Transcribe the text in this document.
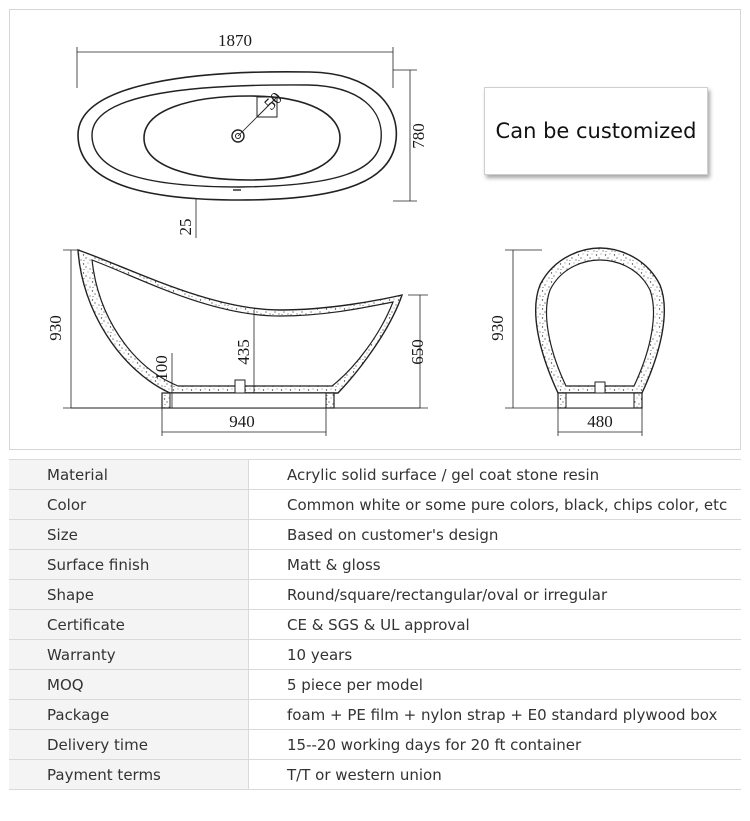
1870
780
50
25
930
100
435	650
940
930
480
Can be customized
Material	Acrylic solid surface / gel coat stone resin
Color	Common white or some pure colors, black, chips color, etc
Size	Based on customer's design
Surface finish	Matt & gloss
Shape	Round/square/rectangular/oval or irregular
Certificate	CE & SGS & UL approval
Warranty	10 years
MOQ	5 piece per model
Package	foam + PE film + nylon strap + E0 standard plywood box
Delivery time	15--20 working days for 20 ft container
Payment terms	T/T or western union
